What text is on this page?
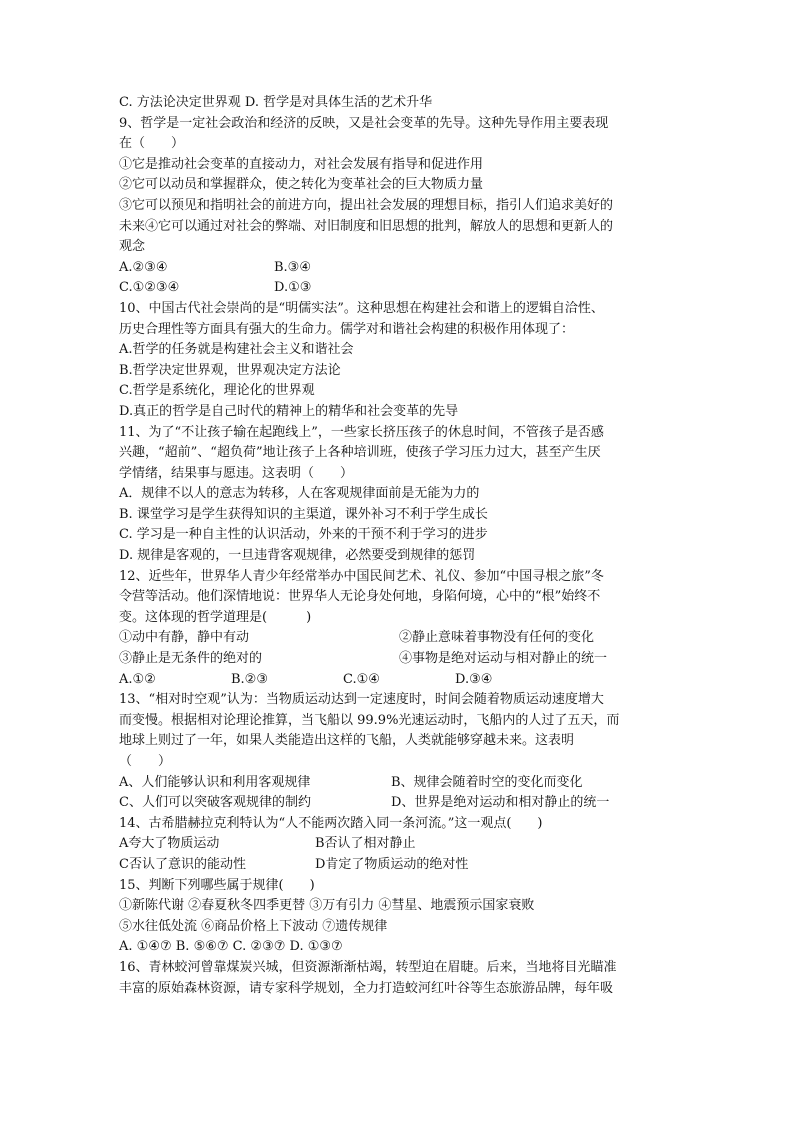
C. 方法论决定世界观 D. 哲学是对具体生活的艺术升华
9、哲学是一定社会政治和经济的反映，又是社会变革的先导。这种先导作用主要表现
在（　　）
①它是推动社会变革的直接动力，对社会发展有指导和促进作用
②它可以动员和掌握群众，使之转化为变革社会的巨大物质力量
③它可以预见和指明社会的前进方向，提出社会发展的理想目标，指引人们追求美好的
未来④它可以通过对社会的弊端、对旧制度和旧思想的批判，解放人的思想和更新人的
观念
A.②③④	B.③④
C.①②③④	D.①③
10、中国古代社会崇尚的是“明儒实法”。这种思想在构建社会和谐上的逻辑自洽性、
历史合理性等方面具有强大的生命力。儒学对和谐社会构建的积极作用体现了：
A.哲学的任务就是构建社会主义和谐社会
B.哲学决定世界观，世界观决定方法论
C.哲学是系统化，理论化的世界观
D.真正的哲学是自己时代的精神上的精华和社会变革的先导
11、为了“不让孩子输在起跑线上”，一些家长挤压孩子的休息时间，不管孩子是否感
兴趣，“超前”、“超负荷”地让孩子上各种培训班，使孩子学习压力过大，甚至产生厌
学情绪，结果事与愿违。这表明（　　）
A．规律不以人的意志为转移，人在客观规律面前是无能为力的
B. 课堂学习是学生获得知识的主渠道，课外补习不利于学生成长
C. 学习是一种自主性的认识活动，外来的干预不利于学习的进步
D. 规律是客观的，一旦违背客观规律，必然要受到规律的惩罚
12、近些年，世界华人青少年经常举办中国民间艺术、礼仪、参加“中国寻根之旅”冬
令营等活动。他们深情地说：世界华人无论身处何地，身陷何境，心中的“根”始终不
变。这体现的哲学道理是(　　　)
①动中有静，静中有动	②静止意味着事物没有任何的变化
③静止是无条件的绝对的	④事物是绝对运动与相对静止的统一
A.①②	B.②③	C.①④	D.③④
13、“相对时空观”认为：当物质运动达到一定速度时，时间会随着物质运动速度增大
而变慢。根据相对论理论推算，当飞船以 99.9%光速运动时，飞船内的人过了五天，而
地球上则过了一年，如果人类能造出这样的飞船，人类就能够穿越未来。这表明
（　　）
A、人们能够认识和利用客观规律	B、规律会随着时空的变化而变化
C、人们可以突破客观规律的制约	D、世界是绝对运动和相对静止的统一
14、古希腊赫拉克利特认为“人不能两次踏入同一条河流。”这一观点(　　)
A夸大了物质运动	B否认了相对静止
C否认了意识的能动性	D肯定了物质运动的绝对性
15、判断下列哪些属于规律(　　)
①新陈代谢 ②春夏秋冬四季更替 ③万有引力 ④彗星、地震预示国家衰败
⑤水往低处流 ⑥商品价格上下波动 ⑦遗传规律
A. ①④⑦ B. ⑤⑥⑦ C. ②③⑦ D. ①③⑦
16、青林蛟河曾靠煤炭兴城，但资源渐渐枯竭，转型迫在眉睫。后来，当地将目光瞄准
丰富的原始森林资源，请专家科学规划，全力打造蛟河红叶谷等生态旅游品牌，每年吸
